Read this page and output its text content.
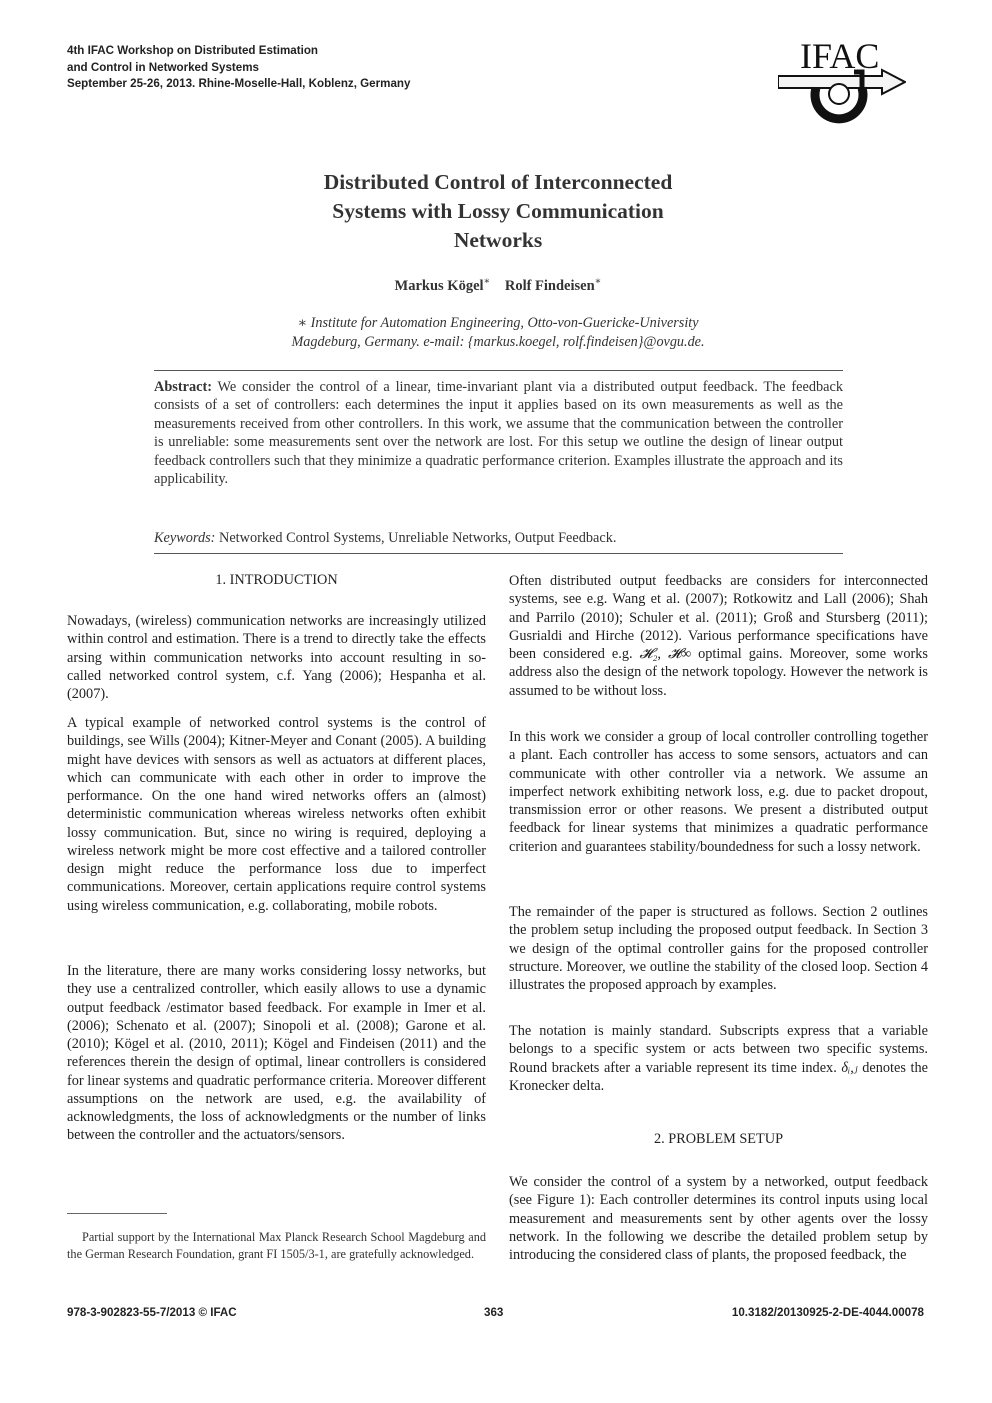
4th IFAC Workshop on Distributed Estimation
and Control in Networked Systems
September 25-26, 2013. Rhine-Moselle-Hall, Koblenz, Germany
IFAC
Distributed Control of Interconnected
Systems with Lossy Communication
Networks
Markus Kögel∗ Rolf Findeisen∗
∗ Institute for Automation Engineering, Otto-von-Guericke-University
Magdeburg, Germany. e-mail: {markus.koegel, rolf.findeisen}@ovgu.de.
Abstract: We consider the control of a linear, time-invariant plant via a distributed output feedback. The feedback consists of a set of controllers: each determines the input it applies based on its own measurements as well as the measurements received from other controllers. In this work, we assume that the communication between the controller is unreliable: some measurements sent over the network are lost. For this setup we outline the design of linear output feedback controllers such that they minimize a quadratic performance criterion. Examples illustrate the approach and its applicability.
Keywords: Networked Control Systems, Unreliable Networks, Output Feedback.
1. INTRODUCTION

Nowadays, (wireless) communication networks are increasingly utilized within control and estimation. There is a trend to directly take the effects arsing within communication networks into account resulting in so-called networked control system, c.f. Yang (2006); Hespanha et al. (2007).

A typical example of networked control systems is the control of buildings, see Wills (2004); Kitner-Meyer and Conant (2005). A building might have devices with sensors as well as actuators at different places, which can communicate with each other in order to improve the performance. On the one hand wired networks offers an (almost) deterministic communication whereas wireless networks often exhibit lossy communication. But, since no wiring is required, deploying a wireless network might be more cost effective and a tailored controller design might reduce the performance loss due to imperfect communications. Moreover, certain applications require control systems using wireless communication, e.g. collaborating, mobile robots.

In the literature, there are many works considering lossy networks, but they use a centralized controller, which easily allows to use a dynamic output feedback /estimator based feedback. For example in Imer et al. (2006); Schenato et al. (2007); Sinopoli et al. (2008); Garone et al. (2010); Kögel et al. (2010, 2011); Kögel and Findeisen (2011) and the references therein the design of optimal, linear controllers is considered for linear systems and quadratic performance criteria. Moreover different assumptions on the network are used, e.g. the availability of acknowledgments, the loss of acknowledgments or the number of links between the controller and the actuators/sensors.

Partial support by the International Max Planck Research School Magdeburg and the German Research Foundation, grant FI 1505/3-1, are gratefully acknowledged.

Often distributed output feedbacks are considers for interconnected systems, see e.g. Wang et al. (2007); Rotkowitz and Lall (2006); Shah and Parrilo (2010); Schuler et al. (2011); Groß and Stursberg (2011); Gusrialdi and Hirche (2012). Various performance specifications have been considered e.g. 𝓗₂, 𝓗∞ optimal gains. Moreover, some works address also the design of the network topology. However the network is assumed to be without loss.

In this work we consider a group of local controller controlling together a plant. Each controller has access to some sensors, actuators and can communicate with other controller via a network. We assume an imperfect network exhibiting network loss, e.g. due to packet dropout, transmission error or other reasons. We present a distributed output feedback for linear systems that minimizes a quadratic performance criterion and guarantees stability/boundedness for such a lossy network.

The remainder of the paper is structured as follows. Section 2 outlines the problem setup including the proposed output feedback. In Section 3 we design of the optimal controller gains for the proposed controller structure. Moreover, we outline the stability of the closed loop. Section 4 illustrates the proposed approach by examples.

The notation is mainly standard. Subscripts express that a variable belongs to a specific system or acts between two specific systems. Round brackets after a variable represent its time index. δᵢ,ⱼ denotes the Kronecker delta.

2. PROBLEM SETUP

We consider the control of a system by a networked, output feedback (see Figure 1): Each controller determines its control inputs using local measurement and measurements sent by other agents over the lossy network. In the following we describe the detailed problem setup by introducing the considered class of plants, the proposed feedback, the

978-3-902823-55-7/2013 © IFAC	363	10.3182/20130925-2-DE-4044.00078
